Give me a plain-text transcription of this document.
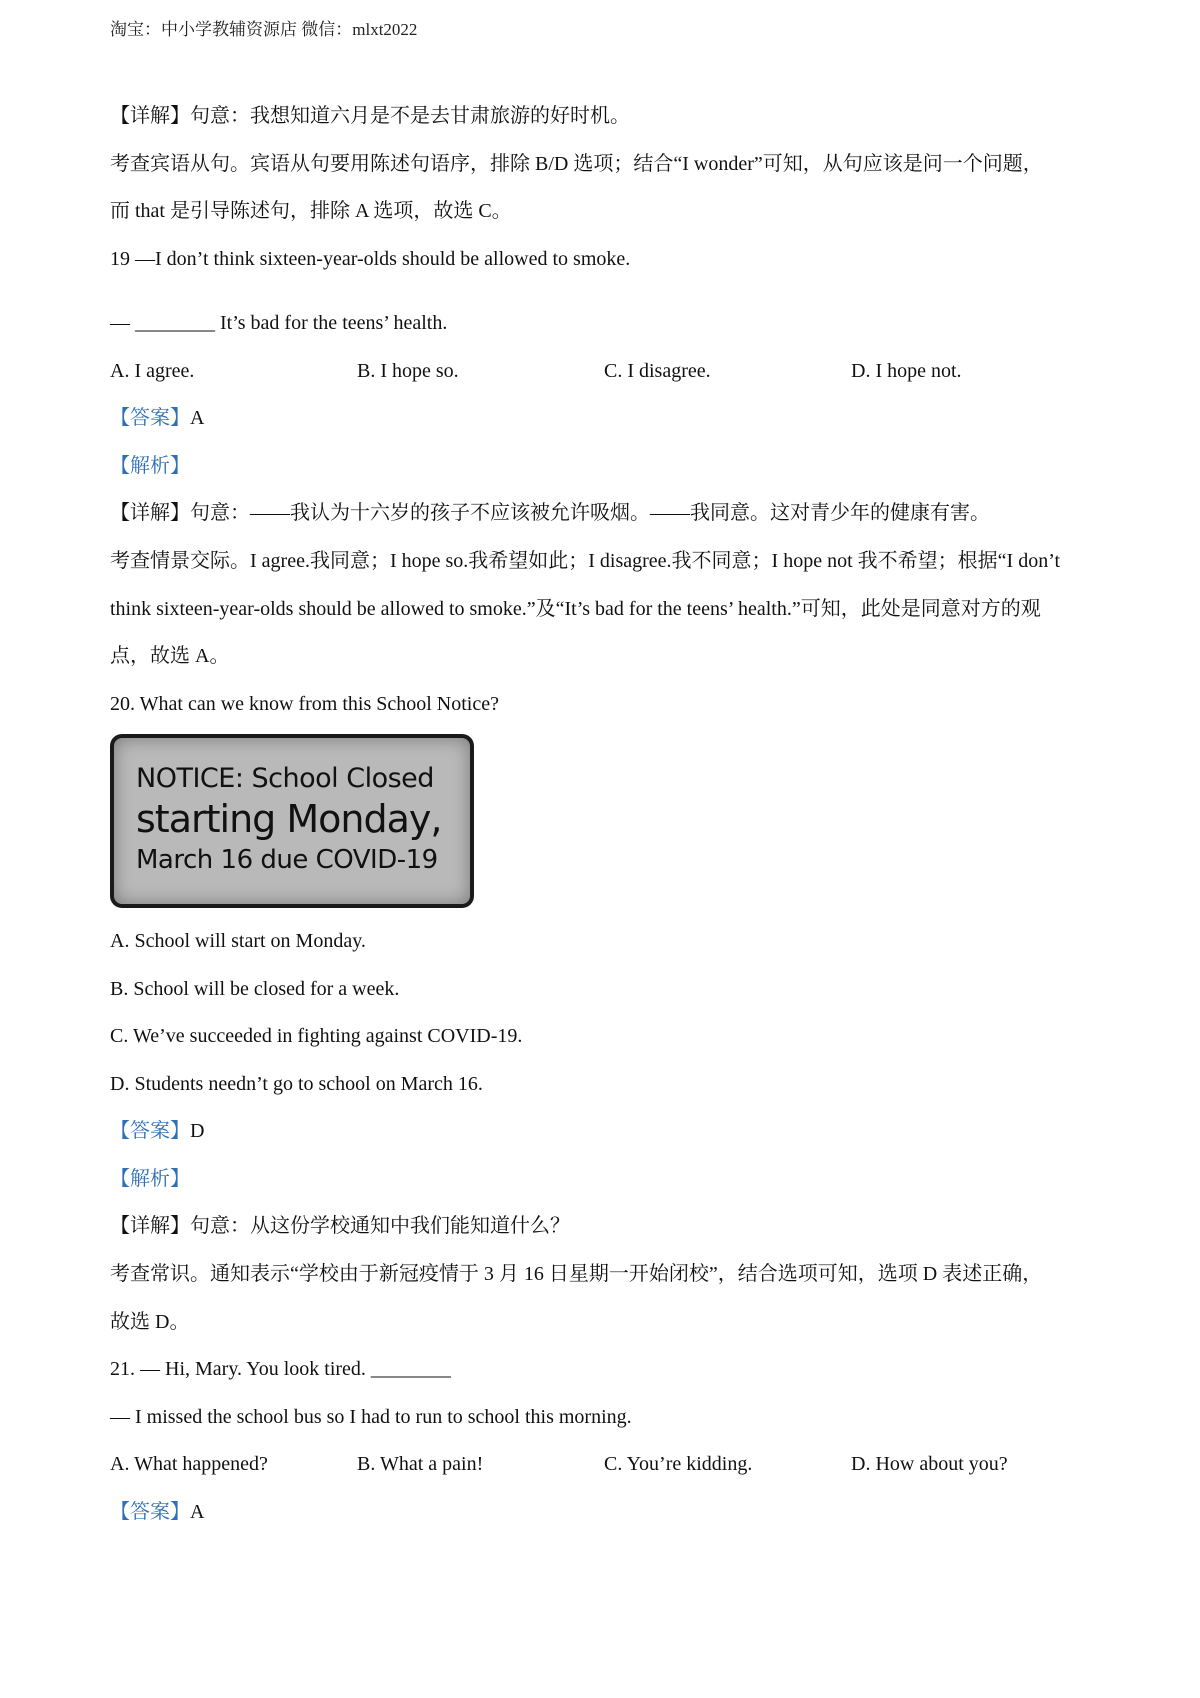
淘宝：中小学教辅资源店 微信：mlxt2022
【详解】句意：我想知道六月是不是去甘肃旅游的好时机。
考查宾语从句。宾语从句要用陈述句语序，排除 B/D 选项；结合“I wonder”可知，从句应该是问一个问题，
而 that 是引导陈述句，排除 A 选项，故选 C。
19 —I don’t think sixteen-year-olds should be allowed to smoke.
— ________ It’s bad for the teens’ health.
A. I agree.	B. I hope so.	C. I disagree.	D. I hope not.
【答案】A
【解析】
【详解】句意：——我认为十六岁的孩子不应该被允许吸烟。——我同意。这对青少年的健康有害。
考查情景交际。I agree.我同意；I hope so.我希望如此；I disagree.我不同意；I hope not 我不希望；根据“I don’t
think sixteen-year-olds should be allowed to smoke.”及“It’s bad for the teens’ health.”可知，此处是同意对方的观
点，故选 A。
20. What can we know from this School Notice?
NOTICE: School Closed
starting Monday,
March 16 due COVID-19
A. School will start on Monday.
B. School will be closed for a week.
C. We’ve succeeded in fighting against COVID-19.
D. Students needn’t go to school on March 16.
【答案】D
【解析】
【详解】句意：从这份学校通知中我们能知道什么？
考查常识。通知表示“学校由于新冠疫情于 3 月 16 日星期一开始闭校”，结合选项可知，选项 D 表述正确，
故选 D。
21. — Hi, Mary. You look tired. ________
— I missed the school bus so I had to run to school this morning.
A. What happened?	B. What a pain!	C. You’re kidding.	D. How about you?
【答案】A
